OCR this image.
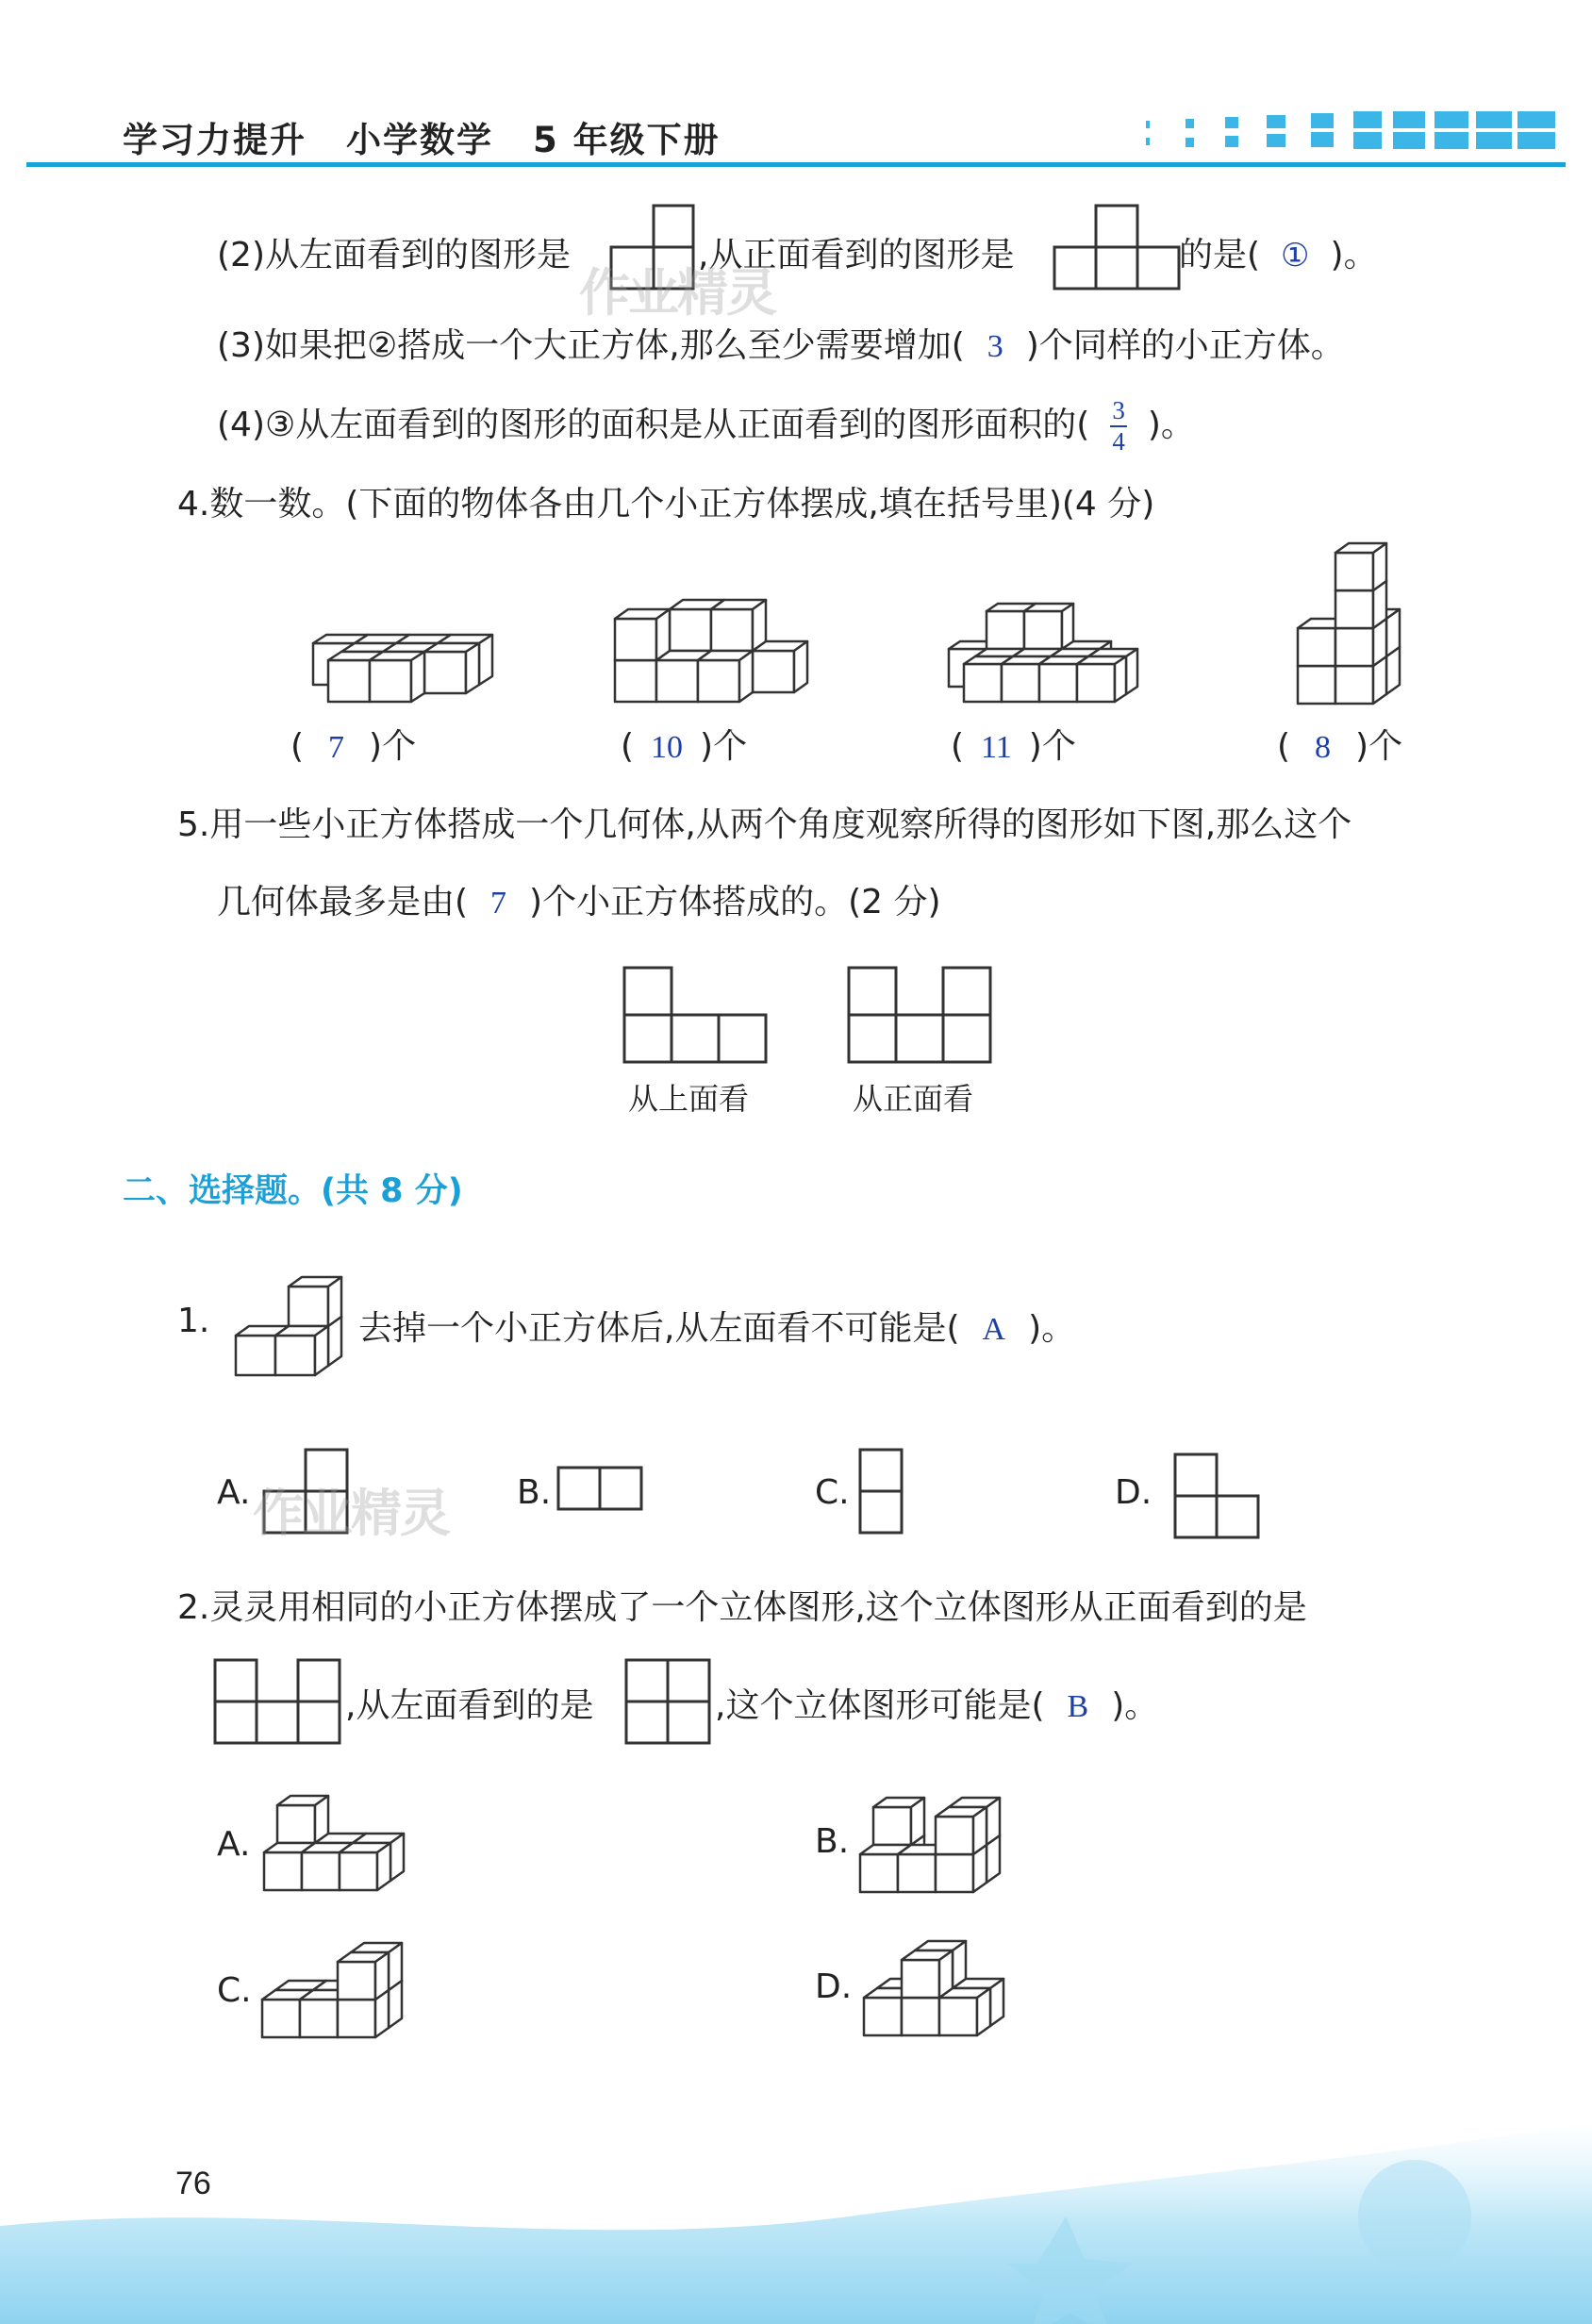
学习力提升 小学数学 5 年级下册
(2)从左面看到的图形是	,从正面看到的图形是	的是( ① )。
(3)如果把②搭成一个大正方体,那么至少需要增加( 3 )个同样的小正方体。
(4)③从左面看到的图形的面积是从正面看到的图形面积的( $\frac{3}{4}$ )。
4.数一数。(下面的物体各由几个小正方体摆成,填在括号里)(4 分)
( 7 )个	( 10 )个	( 11 )个	( 8 )个
5.用一些小正方体搭成一个几何体,从两个角度观察所得的图形如下图,那么这个
几何体最多是由( 7 )个小正方体搭成的。(2 分)
从上面看	从正面看
二、选择题。(共 8 分)
1.	去掉一个小正方体后,从左面看不可能是( A )。
A.	B.	C.	D.
2.灵灵用相同的小正方体摆成了一个立体图形,这个立体图形从正面看到的是
,从左面看到的是	,这个立体图形可能是( B )。
A.	B.
C.	D.
作业精灵
作业精灵
76
